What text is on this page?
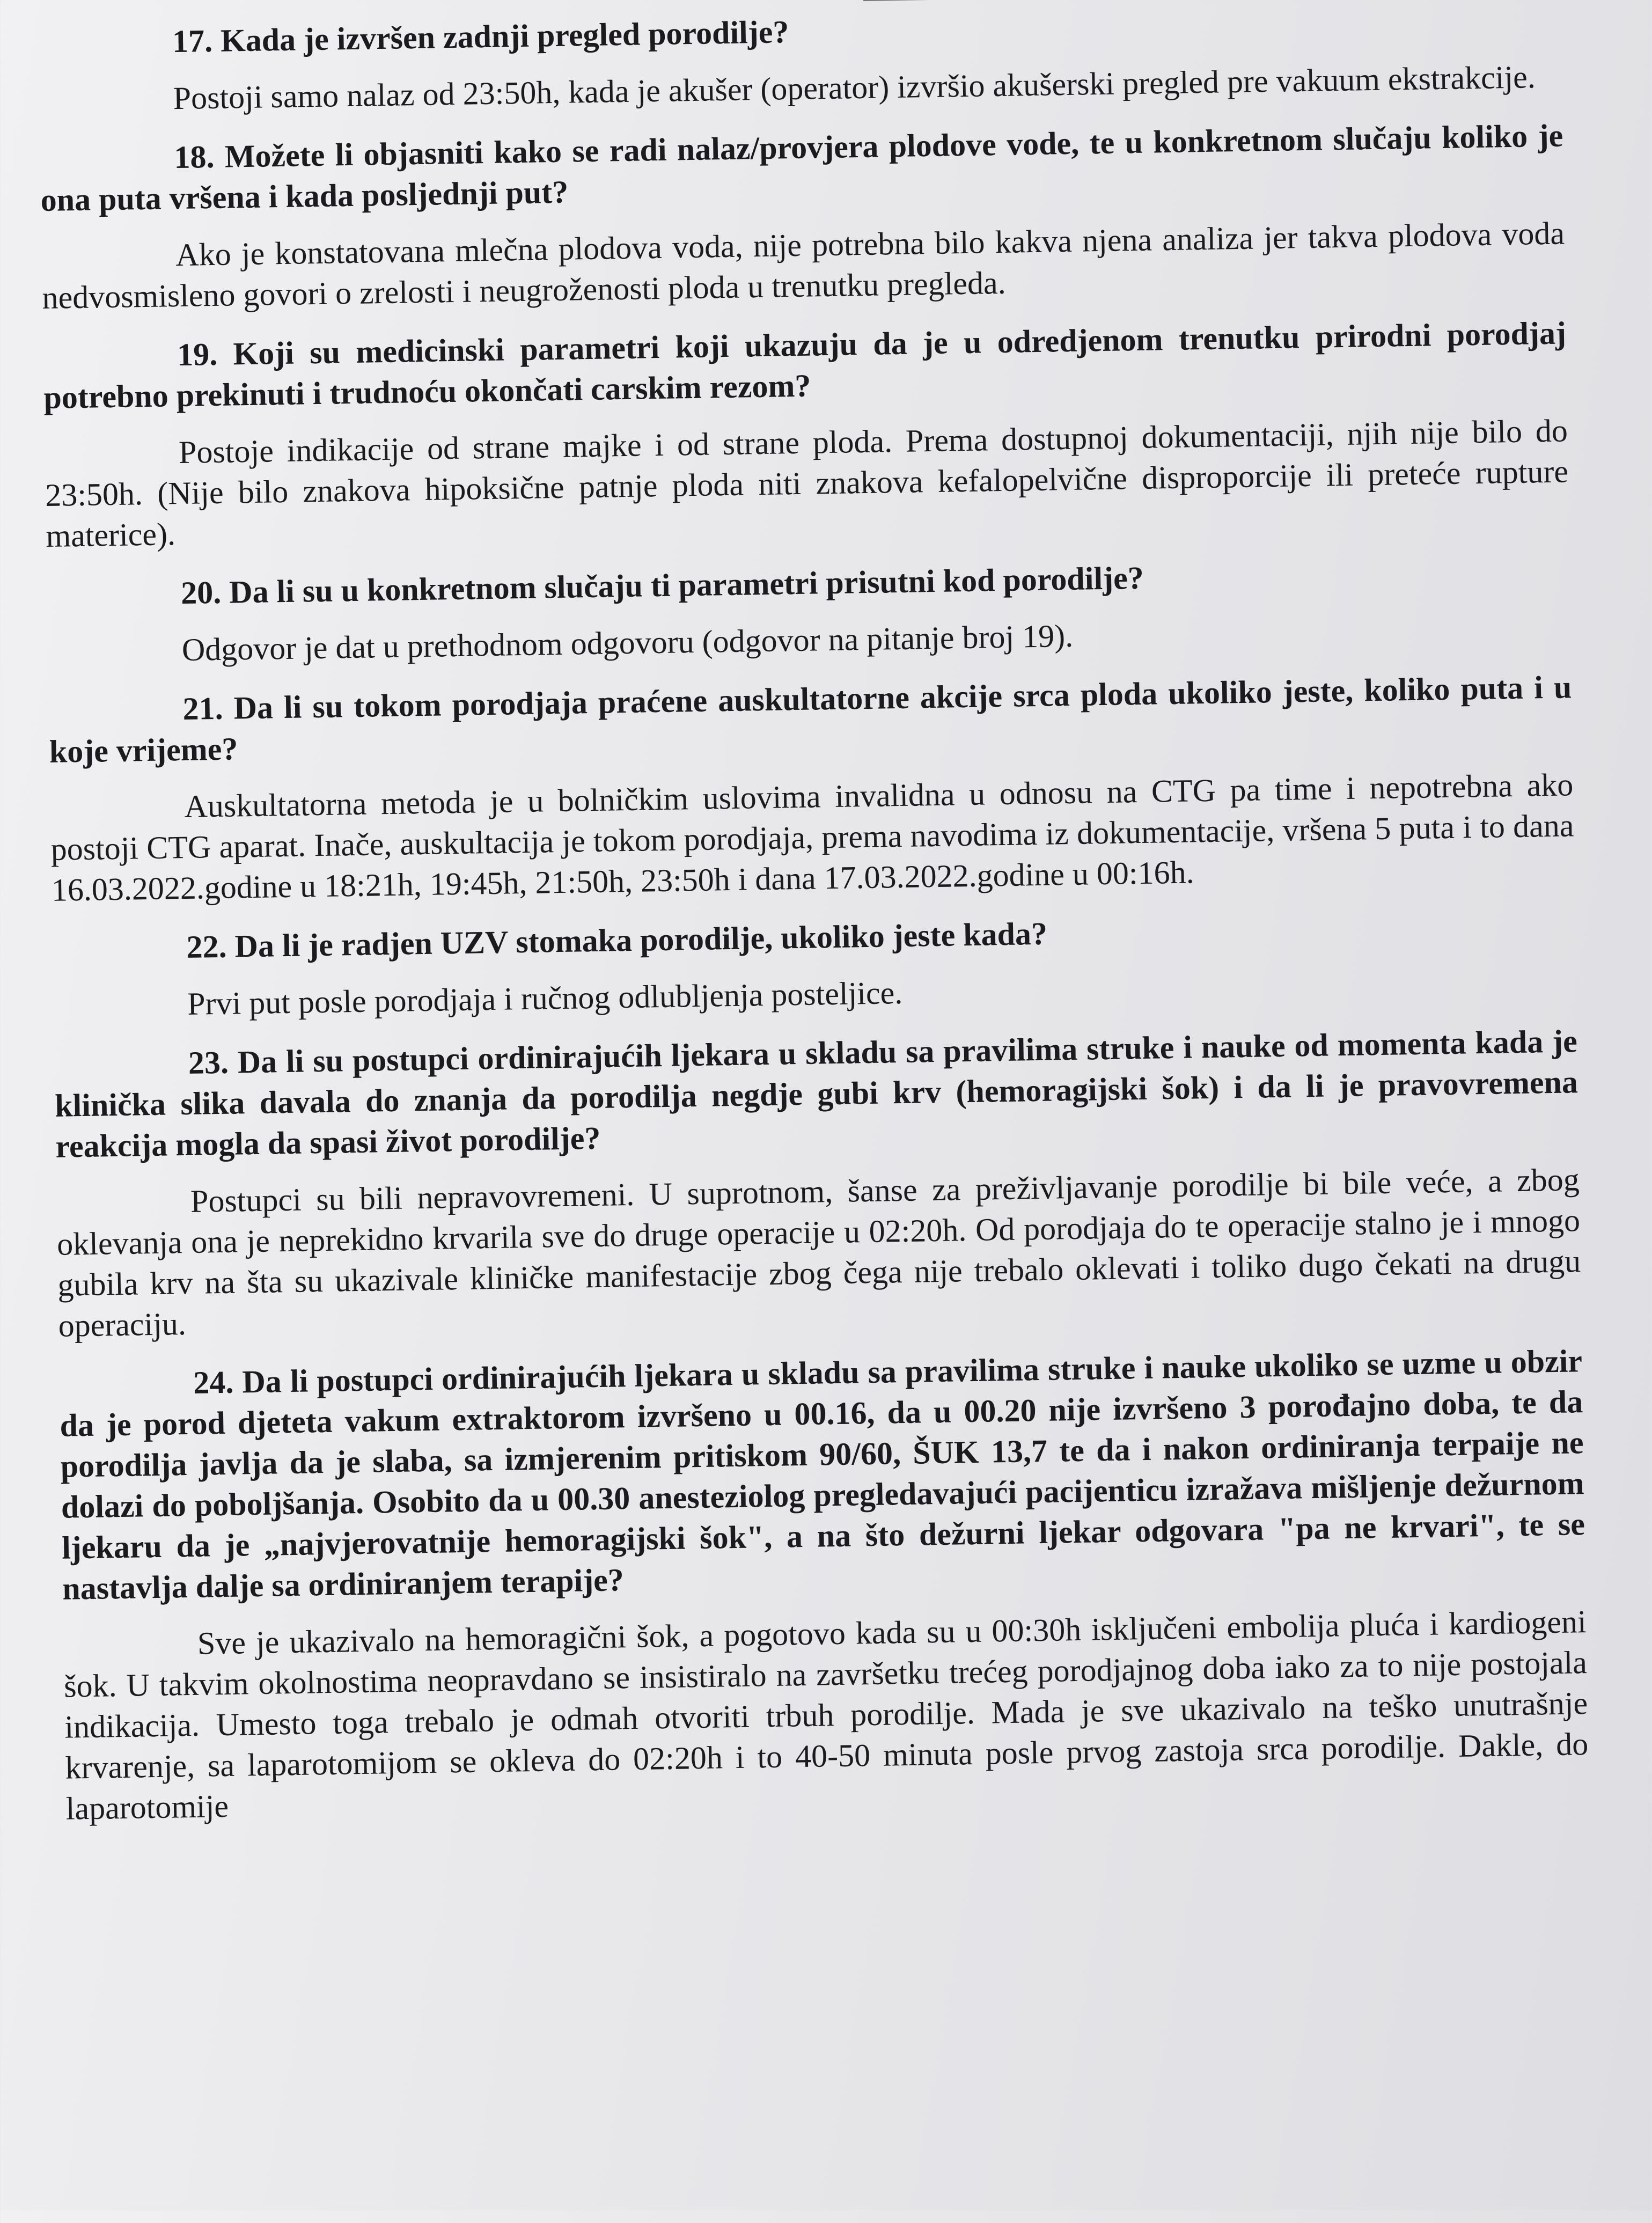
17. Kada je izvršen zadnji pregled porodilje?

Postoji samo nalaz od 23:50h, kada je akušer (operator) izvršio akušerski pregled pre vakuum ekstrakcije.

18. Možete li objasniti kako se radi nalaz/provjera plodove vode, te u konkretnom slučaju koliko je ona puta vršena i kada posljednji put?

Ako je konstatovana mlečna plodova voda, nije potrebna bilo kakva njena analiza jer takva plodova voda nedvosmisleno govori o zrelosti i neugroženosti ploda u trenutku pregleda.

19. Koji su medicinski parametri koji ukazuju da je u odredjenom trenutku prirodni porodjaj potrebno prekinuti i trudnoću okončati carskim rezom?

Postoje indikacije od strane majke i od strane ploda. Prema dostupnoj dokumentaciji, njih nije bilo do 23:50h. (Nije bilo znakova hipoksične patnje ploda niti znakova kefalopelvične disproporcije ili preteće rupture materice).

20. Da li su u konkretnom slučaju ti parametri prisutni kod porodilje?

Odgovor je dat u prethodnom odgovoru (odgovor na pitanje broj 19).

21. Da li su tokom porodjaja praćene auskultatorne akcije srca ploda ukoliko jeste, koliko puta i u koje vrijeme?

Auskultatorna metoda je u bolničkim uslovima invalidna u odnosu na CTG pa time i nepotrebna ako postoji CTG aparat. Inače, auskultacija je tokom porodjaja, prema navodima iz dokumentacije, vršena 5 puta i to dana 16.03.2022.godine u 18:21h, 19:45h, 21:50h, 23:50h i dana 17.03.2022.godine u 00:16h.

22. Da li je radjen UZV stomaka porodilje, ukoliko jeste kada?

Prvi put posle porodjaja i ručnog odlubljenja posteljice.

23. Da li su postupci ordinirajućih ljekara u skladu sa pravilima struke i nauke od momenta kada je klinička slika davala do znanja da porodilja negdje gubi krv (hemoragijski šok) i da li je pravovremena reakcija mogla da spasi život porodilje?

Postupci su bili nepravovremeni. U suprotnom, šanse za preživljavanje porodilje bi bile veće, a zbog oklevanja ona je neprekidno krvarila sve do druge operacije u 02:20h. Od porodjaja do te operacije stalno je i mnogo gubila krv na šta su ukazivale kliničke manifestacije zbog čega nije trebalo oklevati i toliko dugo čekati na drugu operaciju.

24. Da li postupci ordinirajućih ljekara u skladu sa pravilima struke i nauke ukoliko se uzme u obzir da je porod djeteta vakum extraktorom izvršeno u 00.16, da u 00.20 nije izvršeno 3 porođajno doba, te da porodilja javlja da je slaba, sa izmjerenim pritiskom 90/60, ŠUK 13,7 te da i nakon ordiniranja terpaije ne dolazi do poboljšanja. Osobito da u 00.30 anesteziolog pregledavajući pacijenticu izražava mišljenje dežurnom ljekaru da je „najvjerovatnije hemoragijski šok", a na što dežurni ljekar odgovara "pa ne krvari", te se nastavlja dalje sa ordiniranjem terapije?

Sve je ukazivalo na hemoragični šok, a pogotovo kada su u 00:30h isključeni embolija pluća i kardiogeni šok. U takvim okolnostima neopravdano se insistiralo na završetku trećeg porodjajnog doba iako za to nije postojala indikacija. Umesto toga trebalo je odmah otvoriti trbuh porodilje. Mada je sve ukazivalo na teško unutrašnje krvarenje, sa laparotomijom se okleva do 02:20h i to 40-50 minuta posle prvog zastoja srca porodilje. Dakle, do laparotomije
